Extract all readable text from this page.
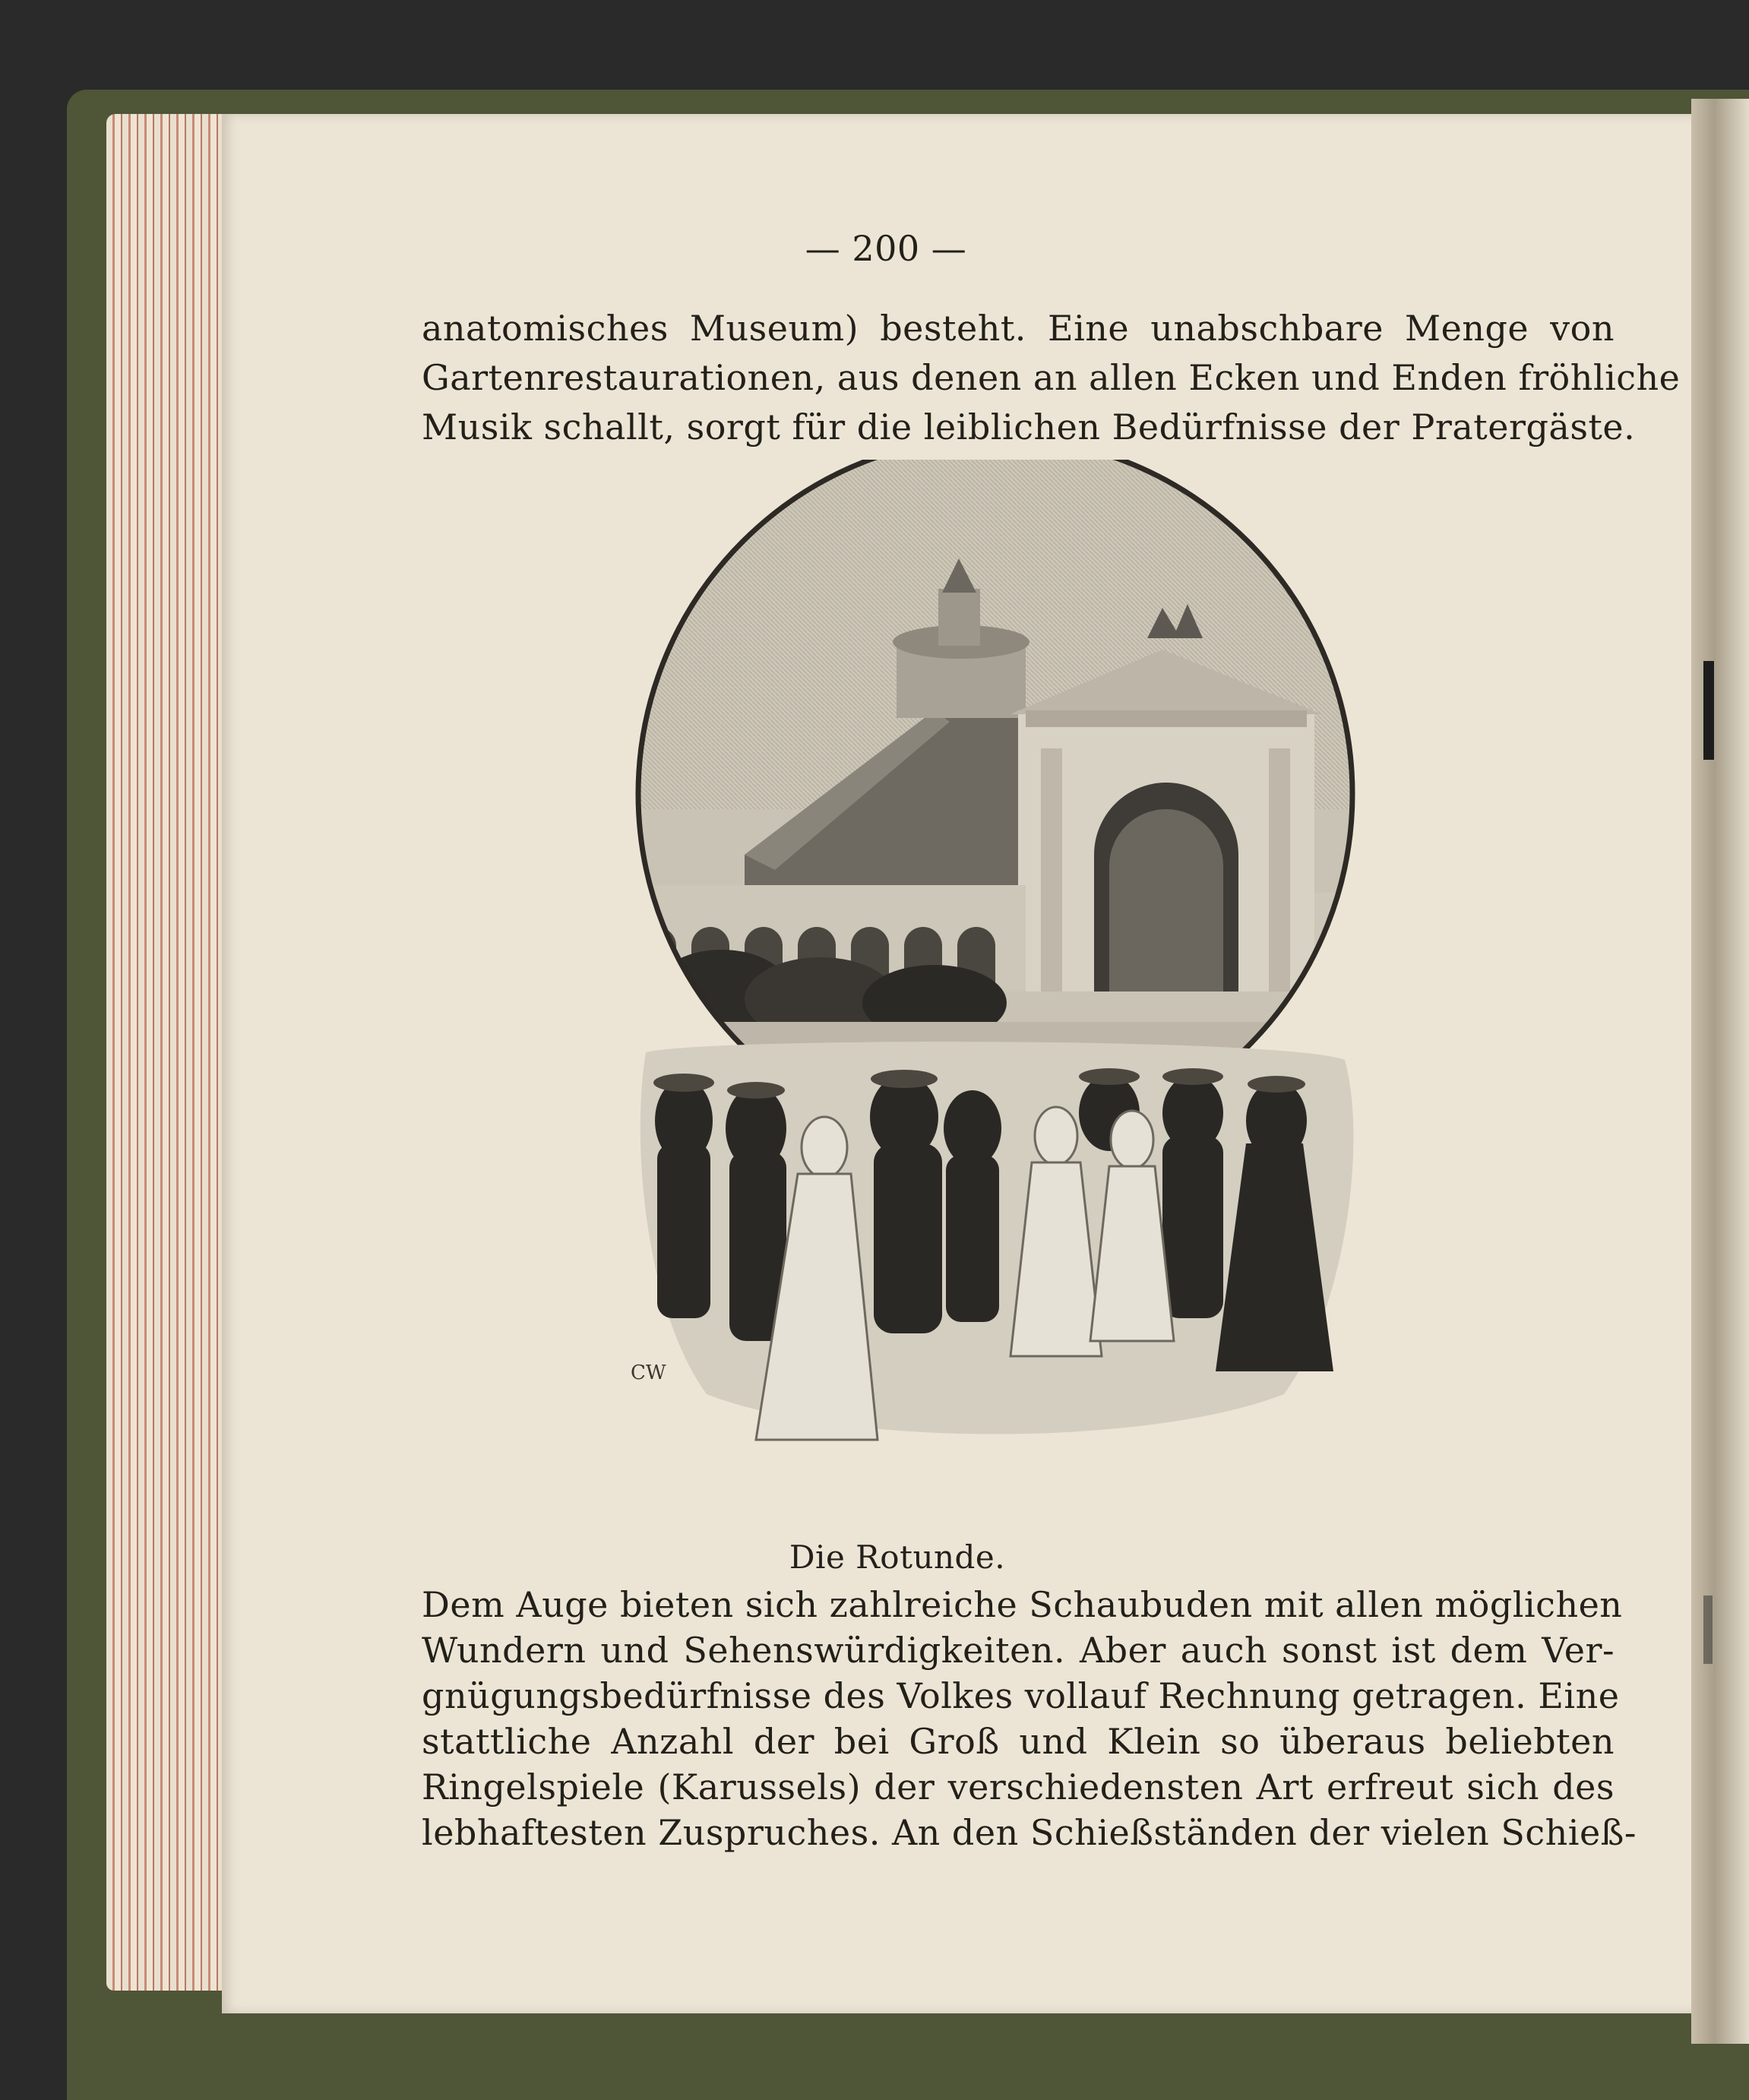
— 200 —
anatomisches Museum) besteht. Eine unabschbare Menge von
Gartenrestaurationen, aus denen an allen Ecken und Enden fröhliche
Musik schallt, sorgt für die leiblichen Bedürfnisse der Pratergäste.
CW
Die Rotunde.
Dem Auge bieten sich zahlreiche Schaubuden mit allen möglichen
Wundern und Sehenswürdigkeiten. Aber auch sonst ist dem Ver-
gnügungsbedürfnisse des Volkes vollauf Rechnung getragen. Eine
stattliche Anzahl der bei Groß und Klein so überaus beliebten
Ringelspiele (Karussels) der verschiedensten Art erfreut sich des
lebhaftesten Zuspruches. An den Schießständen der vielen Schieß-
